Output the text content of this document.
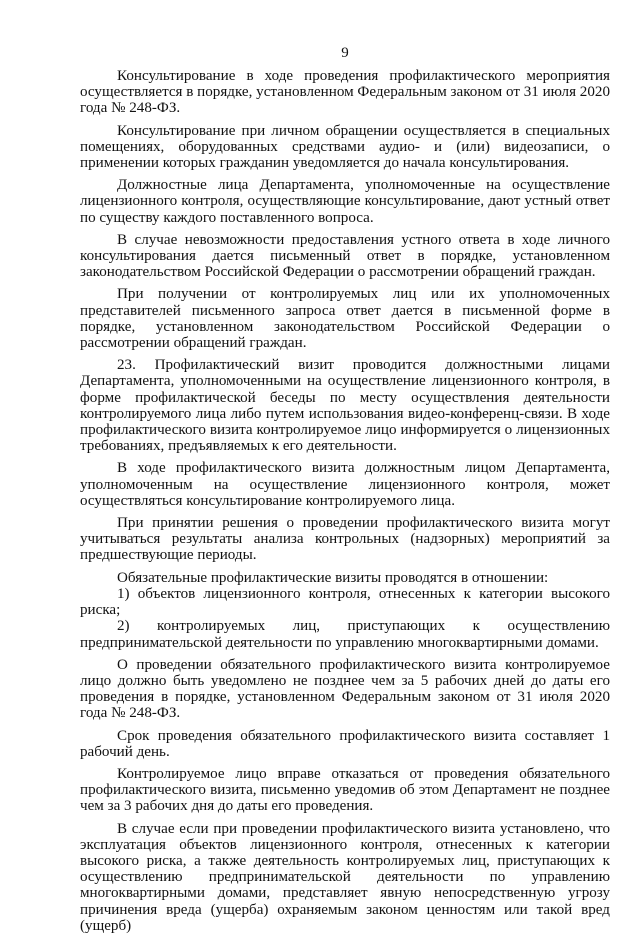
9

Консультирование в ходе проведения профилактического мероприятия осуществляется в порядке, установленном Федеральным законом от 31 июля 2020 года № 248-ФЗ.

Консультирование при личном обращении осуществляется в специальных помещениях, оборудованных средствами аудио- и (или) видеозаписи, о применении которых гражданин уведомляется до начала консультирования.

Должностные лица Департамента, уполномоченные на осуществление лицензионного контроля, осуществляющие консультирование, дают устный ответ по существу каждого поставленного вопроса.

В случае невозможности предоставления устного ответа в ходе личного консультирования дается письменный ответ в порядке, установленном законодательством Российской Федерации о рассмотрении обращений граждан.

При получении от контролируемых лиц или их уполномоченных представителей письменного запроса ответ дается в письменной форме в порядке, установленном законодательством Российской Федерации о рассмотрении обращений граждан.

23. Профилактический визит проводится должностными лицами Департамента, уполномоченными на осуществление лицензионного контроля, в форме профилактической беседы по месту осуществления деятельности контролируемого лица либо путем использования видео-конференц-связи. В ходе профилактического визита контролируемое лицо информируется о лицензионных требованиях, предъявляемых к его деятельности.

В ходе профилактического визита должностным лицом Департамента, уполномоченным на осуществление лицензионного контроля, может осуществляться консультирование контролируемого лица.

При принятии решения о проведении профилактического визита могут учитываться результаты анализа контрольных (надзорных) мероприятий за предшествующие периоды.

Обязательные профилактические визиты проводятся в отношении:

1) объектов лицензионного контроля, отнесенных к категории высокого риска;

2) контролируемых лиц, приступающих к осуществлению предпринимательской деятельности по управлению многоквартирными домами.

О проведении обязательного профилактического визита контролируемое лицо должно быть уведомлено не позднее чем за 5 рабочих дней до даты его проведения в порядке, установленном Федеральным законом от 31 июля 2020 года № 248-ФЗ.

Срок проведения обязательного профилактического визита составляет 1 рабочий день.

Контролируемое лицо вправе отказаться от проведения обязательного профилактического визита, письменно уведомив об этом Департамент не позднее чем за 3 рабочих дня до даты его проведения.

В случае если при проведении профилактического визита установлено, что эксплуатация объектов лицензионного контроля, отнесенных к категории высокого риска, а также деятельность контролируемых лиц, приступающих к осуществлению предпринимательской деятельности по управлению многоквартирными домами, представляет явную непосредственную угрозу причинения вреда (ущерба) охраняемым законом ценностям или такой вред (ущерб)
